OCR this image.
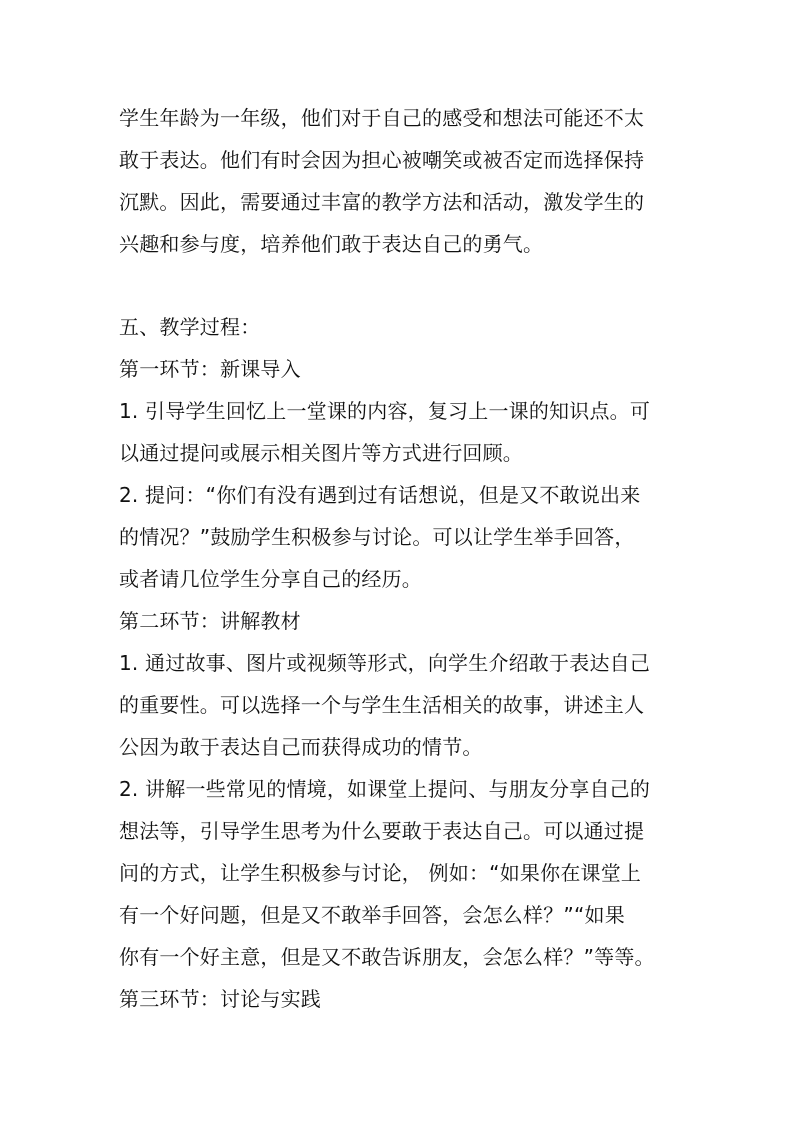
学生年龄为一年级，他们对于自己的感受和想法可能还不太
敢于表达。他们有时会因为担心被嘲笑或被否定而选择保持
沉默。因此，需要通过丰富的教学方法和活动，激发学生的
兴趣和参与度，培养他们敢于表达自己的勇气。
五、教学过程：
第一环节：新课导入
1. 引导学生回忆上一堂课的内容，复习上一课的知识点。可
以通过提问或展示相关图片等方式进行回顾。
2. 提问：“你们有没有遇到过有话想说，但是又不敢说出来
的情况？”鼓励学生积极参与讨论。可以让学生举手回答，
或者请几位学生分享自己的经历。
第二环节：讲解教材
1. 通过故事、图片或视频等形式，向学生介绍敢于表达自己
的重要性。可以选择一个与学生生活相关的故事，讲述主人
公因为敢于表达自己而获得成功的情节。
2. 讲解一些常见的情境，如课堂上提问、与朋友分享自己的
想法等，引导学生思考为什么要敢于表达自己。可以通过提
问的方式，让学生积极参与讨论， 例如：“如果你在课堂上
有一个好问题，但是又不敢举手回答，会怎么样？”“如果
你有一个好主意，但是又不敢告诉朋友，会怎么样？”等等。
第三环节：讨论与实践
